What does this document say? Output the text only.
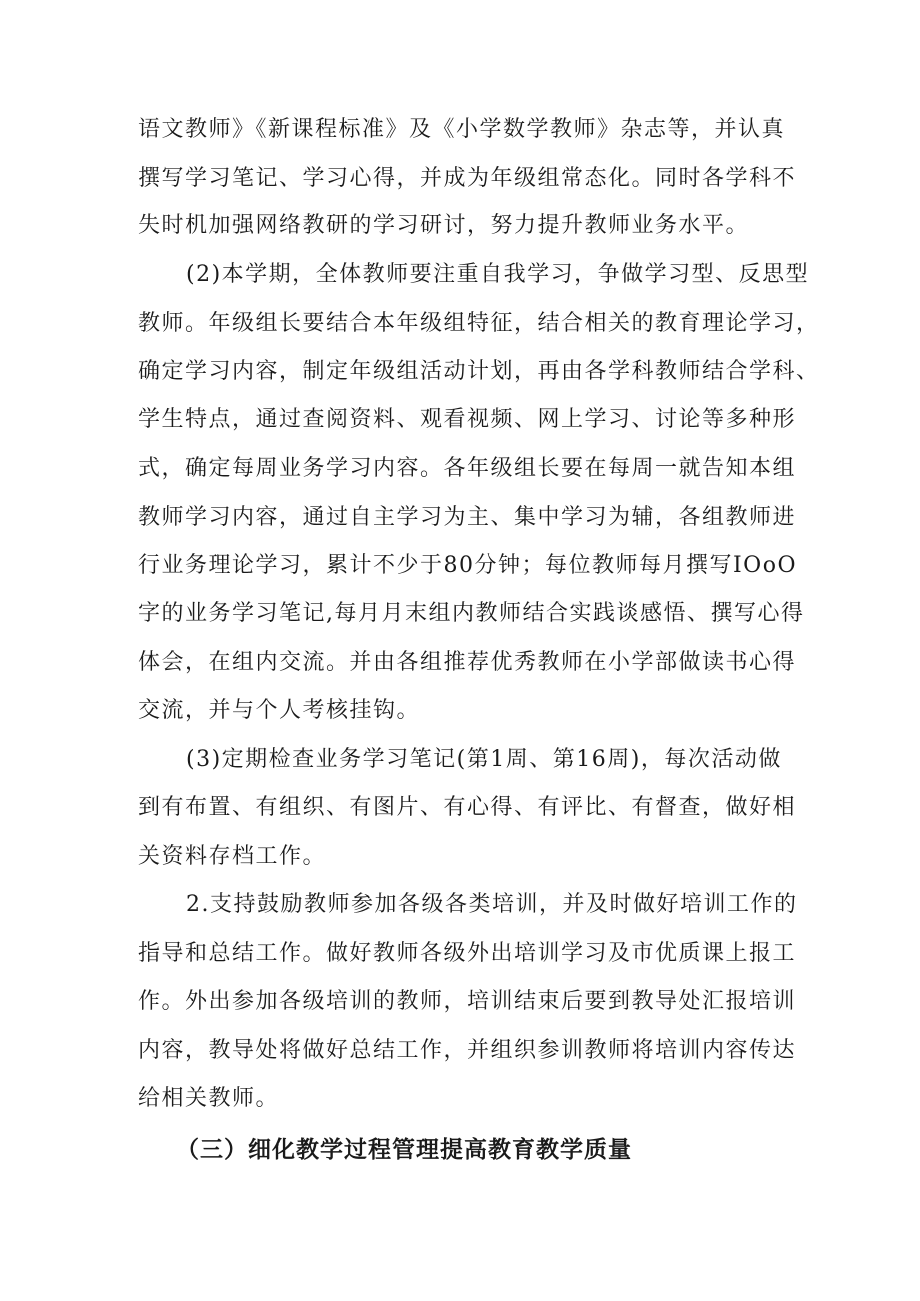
语文教师》《新课程标准》及《小学数学教师》杂志等，并认真
撰写学习笔记、学习心得，并成为年级组常态化。同时各学科不
失时机加强网络教研的学习研讨，努力提升教师业务水平。
(2)本学期，全体教师要注重自我学习，争做学习型、反思型
教师。年级组长要结合本年级组特征，结合相关的教育理论学习，
确定学习内容，制定年级组活动计划，再由各学科教师结合学科、
学生特点，通过查阅资料、观看视频、网上学习、讨论等多种形
式，确定每周业务学习内容。各年级组长要在每周一就告知本组
教师学习内容，通过自主学习为主、集中学习为辅，各组教师进
行业务理论学习，累计不少于80分钟；每位教师每月撰写IOoO
字的业务学习笔记,每月月末组内教师结合实践谈感悟、撰写心得
体会，在组内交流。并由各组推荐优秀教师在小学部做读书心得
交流，并与个人考核挂钩。
(3)定期检查业务学习笔记(第1周、第16周)，每次活动做
到有布置、有组织、有图片、有心得、有评比、有督查，做好相
关资料存档工作。
2.支持鼓励教师参加各级各类培训，并及时做好培训工作的
指导和总结工作。做好教师各级外出培训学习及市优质课上报工
作。外出参加各级培训的教师，培训结束后要到教导处汇报培训
内容，教导处将做好总结工作，并组织参训教师将培训内容传达
给相关教师。
（三）细化教学过程管理提高教育教学质量
